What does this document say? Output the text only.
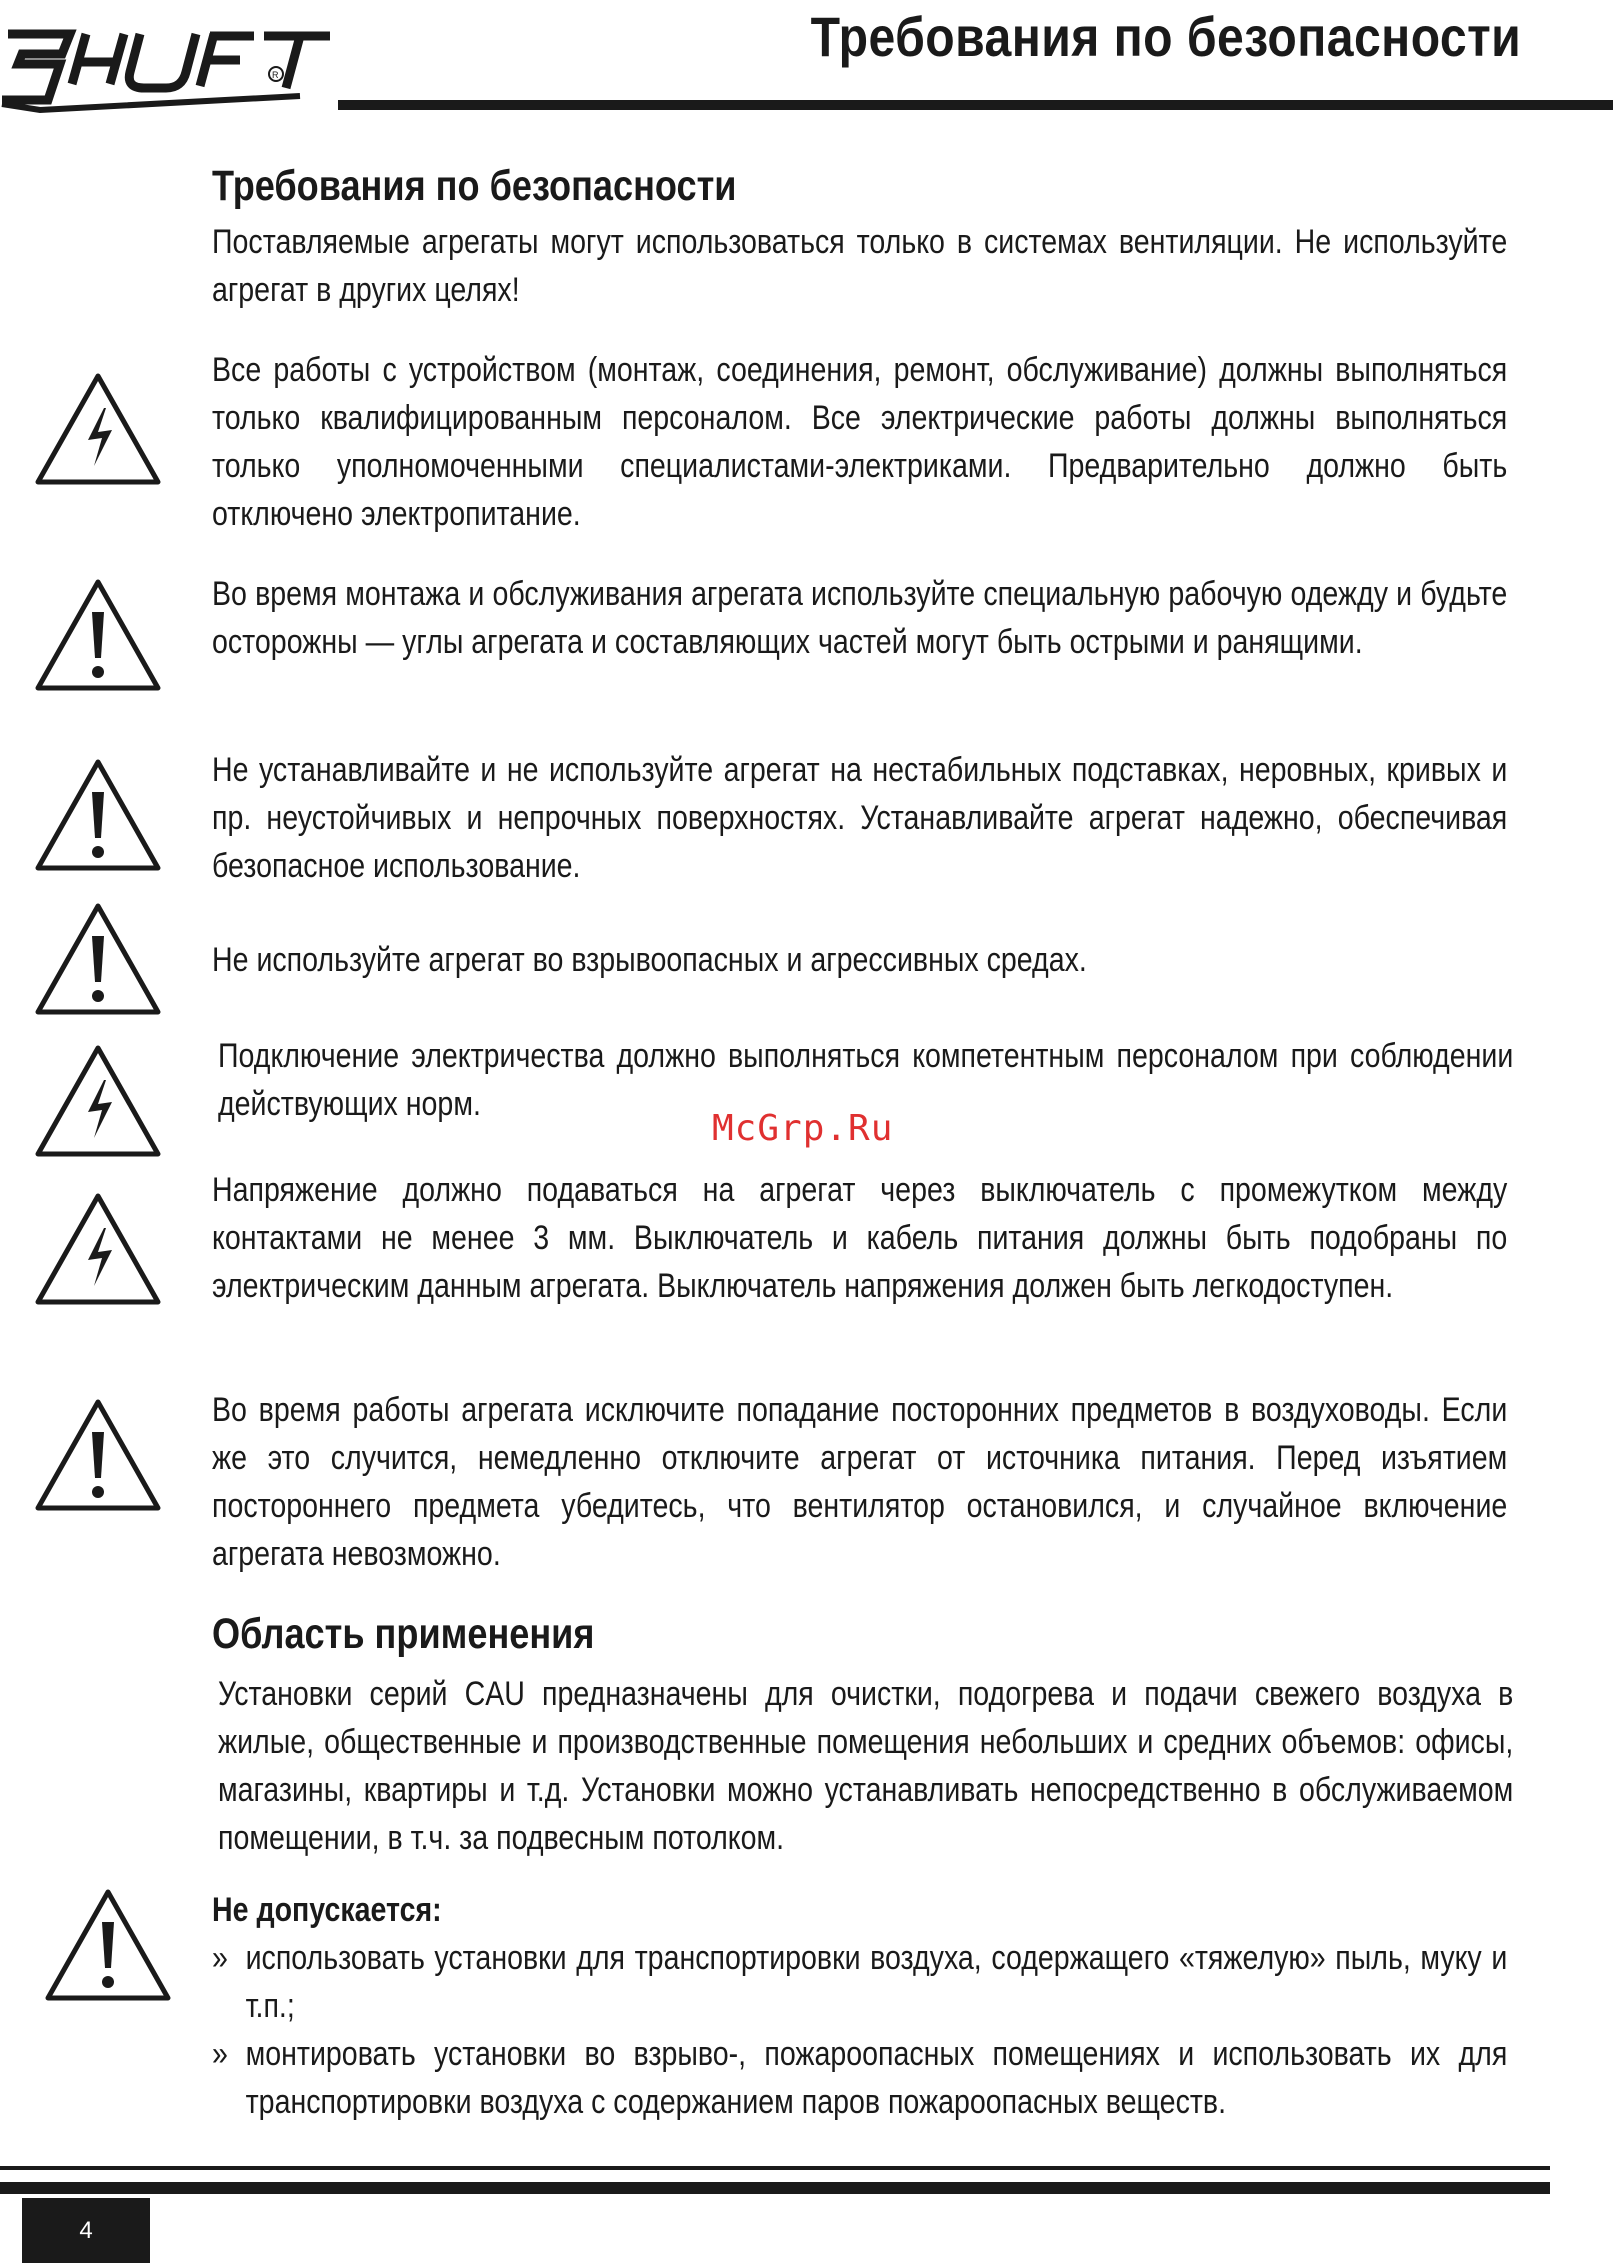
R
Требования по безопасности
Требования по безопасности
Поставляемые агрегаты могут использоваться только в системах вентиляции. Не используйте агрегат в других целях!
Все работы с устройством (монтаж, соединения, ремонт, обслуживание) должны выполняться только квалифицированным персоналом. Все электрические работы должны выполняться только уполномоченными специалистами-электриками. Предварительно должно быть отключено электропитание.
Во время монтажа и обслуживания агрегата используйте специальную рабочую одежду и будьте осторожны — углы агрегата и составляющих частей могут быть острыми и ранящими.
Не устанавливайте и не используйте агрегат на нестабильных подставках, неровных, кривых и пр. неустойчивых и непрочных поверхностях. Устанавливайте агрегат надежно, обеспечивая безопасное использование.
Не используйте агрегат во взрывоопасных и агрессивных средах.
Подключение электричества должно выполняться компетентным персоналом при соблюдении действующих норм.
Напряжение должно подаваться на агрегат через выключатель с промежутком между контактами не менее 3 мм. Выключатель и кабель питания должны быть подобраны по электрическим данным агрегата. Выключатель напряжения должен быть легкодоступен.
Во время работы агрегата исключите попадание посторонних предметов в воздуховоды. Если же это случится, немедленно отключите агрегат от источника питания. Перед изъятием постороннего предмета убедитесь, что вентилятор остановился, и случайное включение агрегата невозможно.
Область применения
Установки серий CAU предназначены для очистки, подогрева и подачи свежего воздуха в жилые, общественные и производственные помещения небольших и средних объемов: офисы, магазины, квартиры и т.д. Установки можно устанавливать непосредственно в обслуживаемом помещении, в т.ч. за подвесным потолком.
Не допускается:
» использовать установки для транспортировки воздуха, содержащего «тяжелую» пыль, муку и т.п.;
» монтировать установки во взрыво-, пожароопасных помещениях и использовать их для транспортировки воздуха с содержанием паров пожароопасных веществ.
McGrp.Ru
4
